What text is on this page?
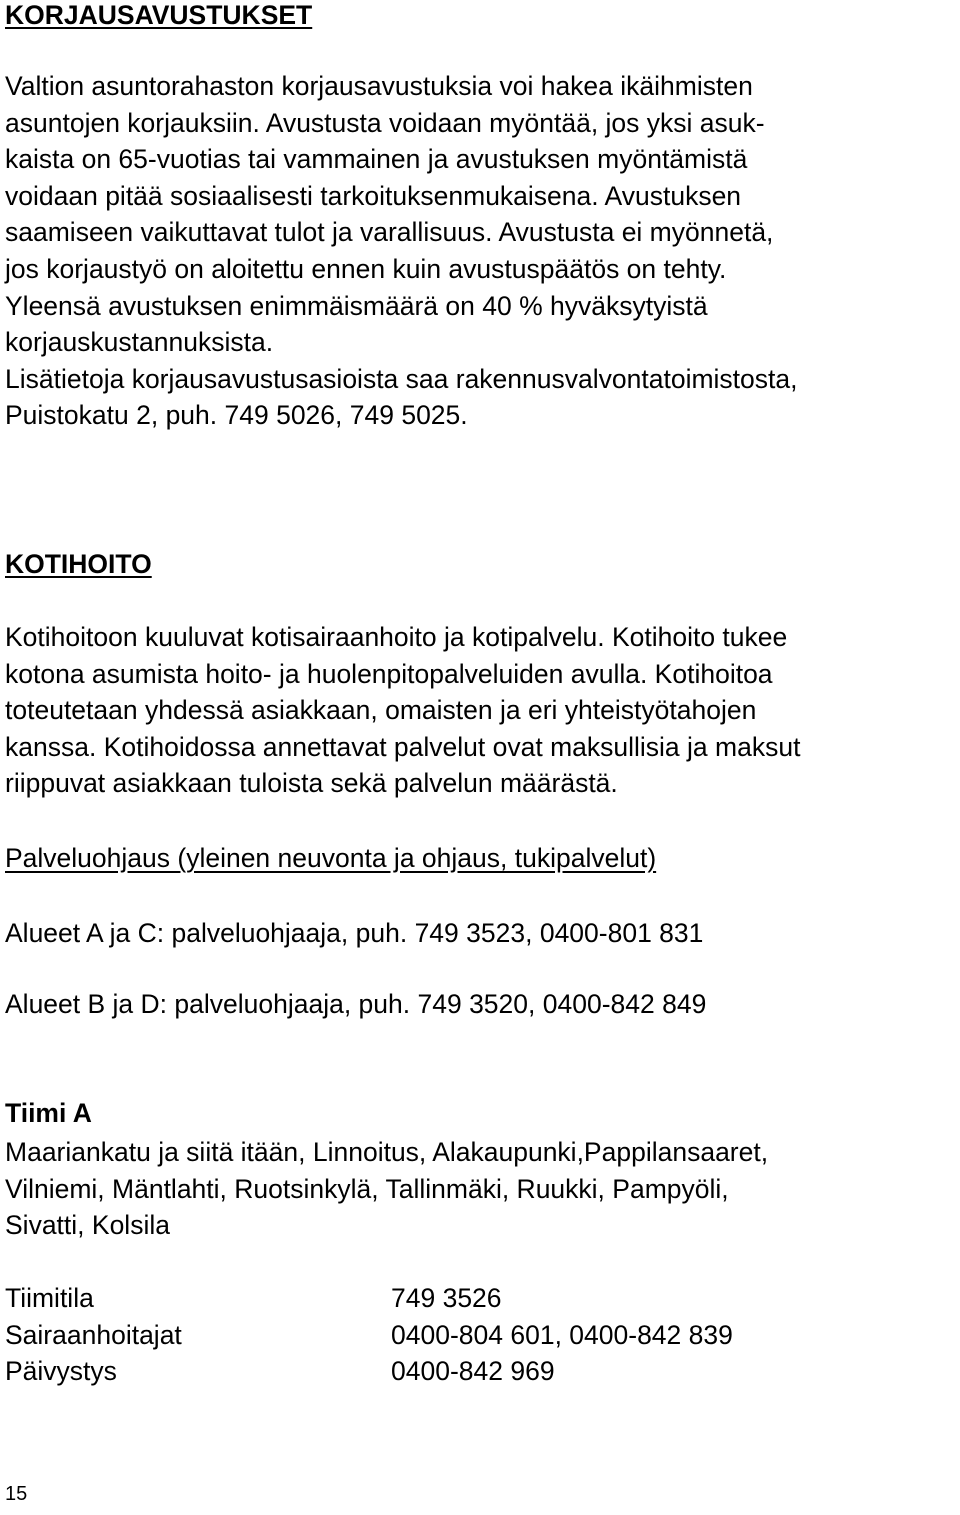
KORJAUSAVUSTUKSET
Valtion asuntorahaston korjausavustuksia voi hakea ikäihmisten
asuntojen korjauksiin. Avustusta voidaan myöntää, jos yksi asuk-
kaista on 65-vuotias tai vammainen ja avustuksen myöntämistä
voidaan pitää sosiaalisesti tarkoituksenmukaisena. Avustuksen
saamiseen vaikuttavat tulot ja varallisuus. Avustusta ei myönnetä,
jos korjaustyö on aloitettu ennen kuin avustuspäätös on tehty.
Yleensä avustuksen enimmäismäärä on 40 % hyväksytyistä
korjauskustannuksista.
Lisätietoja korjausavustusasioista saa rakennusvalvontatoimistosta,
Puistokatu 2, puh. 749 5026, 749 5025.
KOTIHOITO
Kotihoitoon kuuluvat kotisairaanhoito ja kotipalvelu. Kotihoito tukee
kotona asumista hoito- ja huolenpitopalveluiden avulla. Kotihoitoa
toteutetaan yhdessä asiakkaan, omaisten ja eri yhteistyötahojen
kanssa. Kotihoidossa annettavat palvelut ovat maksullisia ja maksut
riippuvat asiakkaan tuloista sekä palvelun määrästä.
Palveluohjaus (yleinen neuvonta ja ohjaus, tukipalvelut)
Alueet A ja C: palveluohjaaja, puh. 749 3523, 0400-801 831
Alueet B ja D: palveluohjaaja, puh. 749 3520, 0400-842 849
Tiimi A
Maariankatu ja siitä itään, Linnoitus, Alakaupunki,Pappilansaaret,
Vilniemi, Mäntlahti, Ruotsinkylä, Tallinmäki, Ruukki, Pampyöli,
Sivatti, Kolsila
Tiimitila	749 3526
Sairaanhoitajat	0400-804 601, 0400-842 839
Päivystys	0400-842 969
15
